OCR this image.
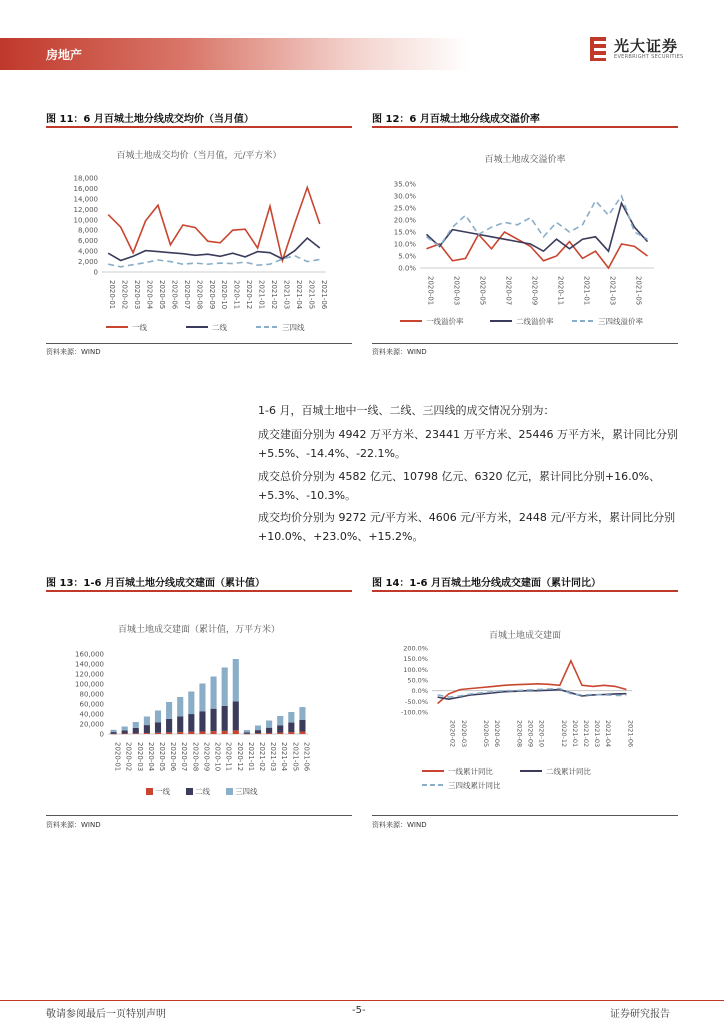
房地产	光大证券
EVERBRIGHT SECURITIES
图 11：6 月百城土地分线成交均价（当月值）
百城土地成交均价（当月值，元/平方米）
0
2,000
4,000
6,000
8,000
10,000
12,000
14,000
16,000
18,000
2020-01 2020-02 2020-03 2020-04 2020-05 2020-06 2020-07 2020-08 2020-09 2020-10 2020-11 2020-12 2021-01 2021-02 2021-03 2021-04 2021-05 2021-06
一线	二线	三四线
资料来源：WIND
图 12：6 月百城土地分线成交溢价率
百城土地成交溢价率
0.0%
5.0%
10.0%
15.0%
20.0%
25.0%
30.0%
35.0%
2020-01	2020-03	2020-05	2020-07	2020-09	2020-11	2021-01	2021-03	2021-05
一线溢价率	二线溢价率	三四线溢价率
资料来源：WIND
1-6 月，百城土地中一线、二线、三四线的成交情况分别为：
成交建面分别为 4942 万平方米、23441 万平方米、25446 万平方米，累计同比分别+5.5%、-14.4%、-22.1%。
成交总价分别为 4582 亿元、10798 亿元、6320 亿元，累计同比分别+16.0%、+5.3%、-10.3%。
成交均价分别为 9272 元/平方米、4606 元/平方米，2448 元/平方米，累计同比分别+10.0%、+23.0%、+15.2%。
图 13：1-6 月百城土地分线成交建面（累计值）
百城土地成交建面（累计值，万平方米）
0
20,000
40,000
60,000
80,000
100,000
120,000
140,000
160,000
2020-01 2020-02 2020-03 2020-04 2020-05 2020-06 2020-07 2020-08 2020-09 2020-10 2020-11 2020-12 2021-01 2021-02 2021-03 2021-04 2021-05 2021-06
一线	二线	三四线
资料来源：WIND
图 14：1-6 月百城土地分线成交建面（累计同比）
百城土地成交建面
-100.0%
-50.0%
0.0%
50.0%
100.0%
150.0%
200.0%
2020-02 2020-03 2020-05 2020-06 2020-08 2020-09 2020-10 2020-12 2021-01 2021-02 2021-03 2021-04 2021-06
一线累计同比	二线累计同比
三四线累计同比
资料来源：WIND
敬请参阅最后一页特别声明	-5-	证券研究报告
